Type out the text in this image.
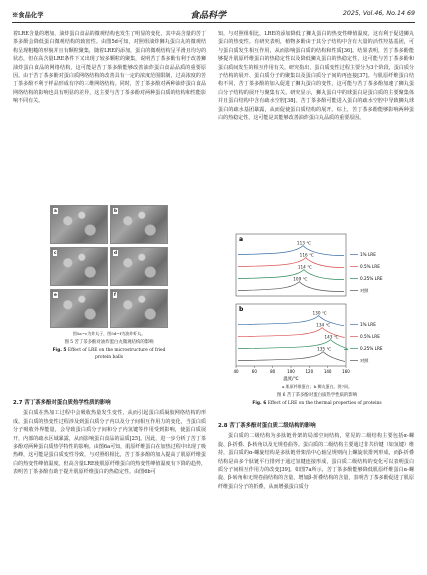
※食品化学	食品科学	2025, Vol.46, No.14 69

着LRE含量的增加，油炸蛋白食品的微观结构也发生了明显的变化，其中高含量的苦丁茶多酚会降低蛋白微观结构的致密性。由图5d可知，对照组油炸狮丸蛋白丸的微观结构呈现粗糙的形貌并且有颗粒聚集，随着LRE的添加，蛋白的微观结构呈平滑且均匀的状态，但在高含量LRE条件下又出现了较多颗粒的聚集，说明苦丁茶多酚有利于改善狮油炸蛋白食品的网络结构，这可能是苦丁茶多酚能够改善油炸蛋白食品品质的重要原因。由于苦丁茶多酚对蛋白质网络结构的改善具有一定的浓度范围限制，过高浓度的苦丁茶多酚不利于样品形成有序的三维网络结构。同时，苦丁茶多酚对两种油炸蛋白食品网络结构的影响也具有明显的差异，这主要与苦丁茶多酚对两种蛋白质的结构和性能影响不同有关。

a	b
c	d
e	f
图5a~c为炸丸子，图5d~f为油炸虾丸。
图 5 苦丁茶多酚对油炸蛋白丸微观结构的影响
Fig. 5 Effect of LRE on the microstructure of fried protein balls
2.7 苦丁茶多酚对蛋白质热学性质的影响

蛋白质在热加工过程中会吸收热量发生变性，从而引起蛋白质凝胶网络结构的形成。蛋白质的热变性过程涉及到蛋白质分子内以及分子间相互作用力的变化，当蛋白质分子吸收外界能量，会导致蛋白质分子间和分子内氢键等作用受到影响，使蛋白质展开，内部的疏水区域暴露，从而影响蛋白食品的品质[25]。因此，进一步分析了苦丁茶多酚对两种蛋白质热学特性的影响。由图6a可知，肌原纤维蛋白在加热过程中出现了吸热峰，这可能是蛋白质变性导致，与对照组相比，苦丁茶多酚的加入提高了肌原纤维蛋白的热变性峰值温度。但高含量LRE使肌原纤维蛋白的热变性峰值温度有下降的趋势，表明苦丁茶多酚有助于提升肌原纤维蛋白的热稳定性。由图6b可

知，与对照组相比，LRE的添加降低了狮丸蛋白的热变性峰值温度，这有利于促进狮丸蛋白的热变性。有研究表明，植物多酚由于其分子结构中含有大量的活性羟基基团，可与蛋白质发生相互作用，从而影响蛋白质的结构和性质[36]。结果表明，苦丁茶多酚能够提升肌原纤维蛋白的热稳定性以及降低狮丸蛋白的热稳定性，这可能与苦丁茶多酚和蛋白质间发生的相互作用有关。研究指出，蛋白质变性过程主要分为3个阶段，蛋白质分子结构的展开、蛋白质分子的聚集以及蛋白质分子间的再连接[37]。与肌原纤维蛋白结构不同，苦丁茶多酚的加入促进了狮丸蛋白的变性，这可能与苦丁茶多酚加速了狮丸蛋白分子结构的展开与聚集有关。研究显示，狮丸蛋白中的球蛋白是蛋白质的主要聚集体并且蛋白结构中含有疏水空腔[38]。苦丁茶多酚可能进入蛋白的疏水空腔中导致狮丸球蛋白的疏水基团暴露，从而促使蛋白质结构的展开。综上，苦丁茶多酚能够影响两种蛋白的热稳定性，这可能是其能够改善油炸蛋白丸品质的重要原因。

a
113 ℃
1% LRE
116 ℃
0.5% LRE
114 ℃
0.25% LRE
109 ℃
对照
b
130 ℃
1% LRE
134 ℃
0.5% LRE
143 ℃
0.25% LRE
135 ℃
对照
40	60	80	100	120	140	160
温度/℃
a.肌原纤维蛋白；b.狮丸蛋白。图7同。
图 6 苦丁茶多酚对蛋白质热学性质的影响
Fig. 6 Effect of LRE on the thermal properties of proteins
2.8 苦丁茶多酚对蛋白质二级结构的影响

蛋白质的二级结构为多肽链骨架的局部空间结构，常见的二级结构主要包括α-螺旋、β-折叠、β-转角以及无规卷曲等。蛋白质的二级结构主要通过非共价键（如氢键）维持，蛋白质的α-螺旋结构是多肽链骨架沿中心轴呈规则向上螺旋状排列形成，而β-折叠结构是由多个肽链平行排列于通过氢键连接形成，蛋白质二级结构的变化可以表明蛋白质分子间相互作用力的改变[39]。如图7a所示，苦丁茶多酚能够降低肌原纤维蛋白α-螺旋、β-转角和无规卷曲结构的含量，增加β-折叠结构的含量，表明苦丁茶多酚促进了肌原纤维蛋白分子的折叠，从而增强蛋白质分
